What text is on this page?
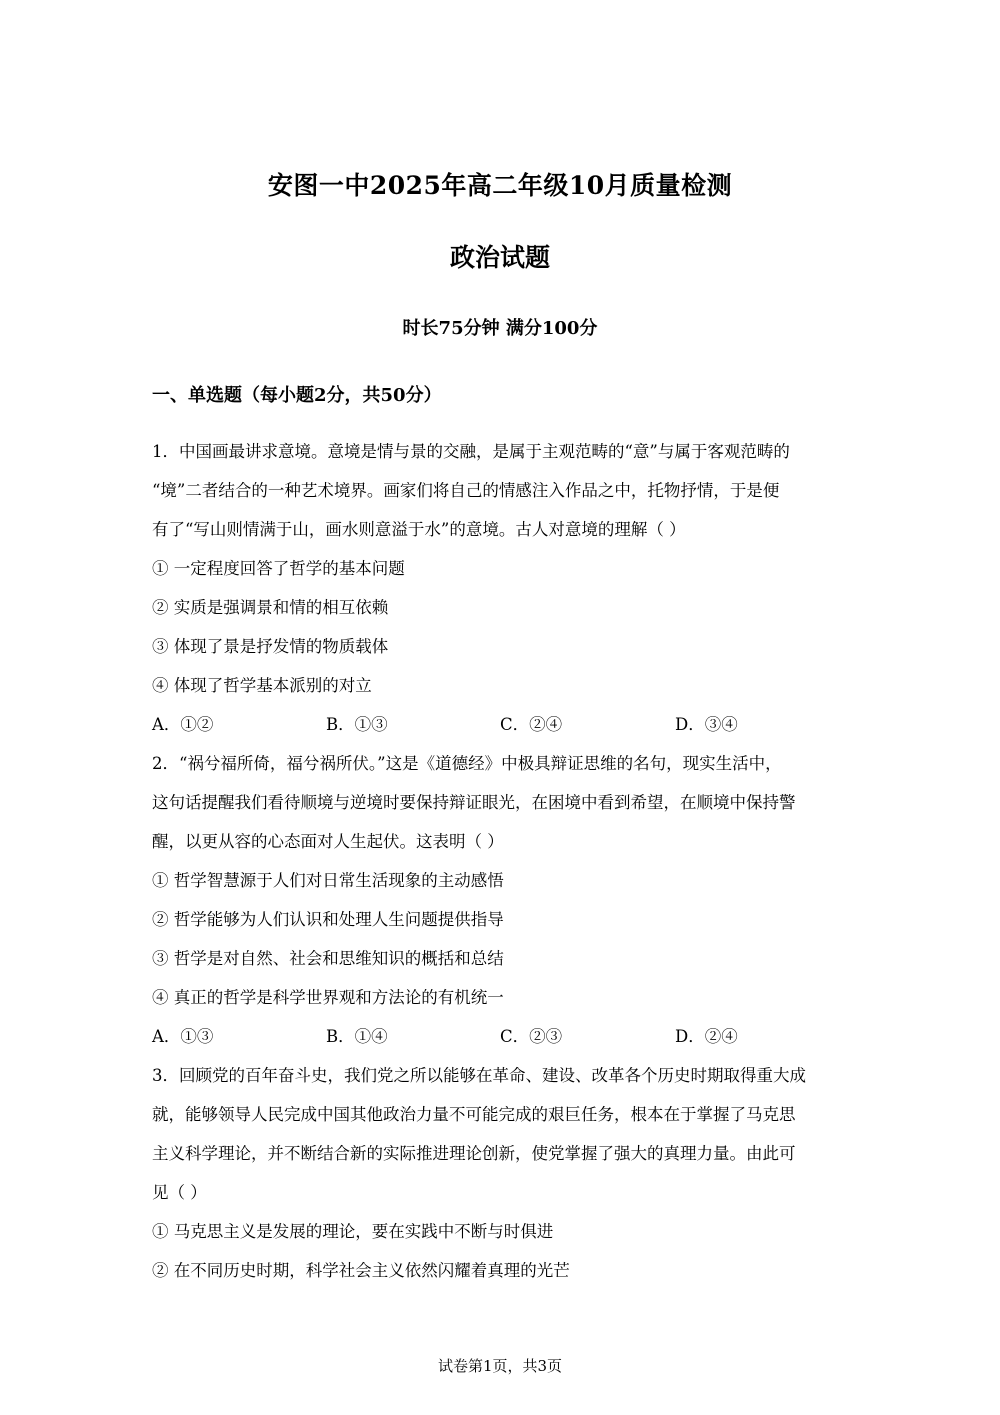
安图一中2025年高二年级10月质量检测
政治试题
时长75分钟 满分100分
一、单选题（每小题2分，共50分）
1．中国画最讲求意境。意境是情与景的交融，是属于主观范畴的“意”与属于客观范畴的
“境”二者结合的一种艺术境界。画家们将自己的情感注入作品之中，托物抒情，于是便
有了“写山则情满于山，画水则意溢于水”的意境。古人对意境的理解（ ）
① 一定程度回答了哲学的基本问题
② 实质是强调景和情的相互依赖
③ 体现了景是抒发情的物质载体
④ 体现了哲学基本派别的对立
A．①②	B．①③	C．②④	D．③④
2．“祸兮福所倚，福兮祸所伏。”这是《道德经》中极具辩证思维的名句，现实生活中，
这句话提醒我们看待顺境与逆境时要保持辩证眼光，在困境中看到希望，在顺境中保持警
醒，以更从容的心态面对人生起伏。这表明（ ）
① 哲学智慧源于人们对日常生活现象的主动感悟
② 哲学能够为人们认识和处理人生问题提供指导
③ 哲学是对自然、社会和思维知识的概括和总结
④ 真正的哲学是科学世界观和方法论的有机统一
A．①③	B．①④	C．②③	D．②④
3．回顾党的百年奋斗史，我们党之所以能够在革命、建设、改革各个历史时期取得重大成
就，能够领导人民完成中国其他政治力量不可能完成的艰巨任务，根本在于掌握了马克思
主义科学理论，并不断结合新的实际推进理论创新，使党掌握了强大的真理力量。由此可
见（ ）
① 马克思主义是发展的理论，要在实践中不断与时俱进
② 在不同历史时期，科学社会主义依然闪耀着真理的光芒
试卷第1页，共3页
